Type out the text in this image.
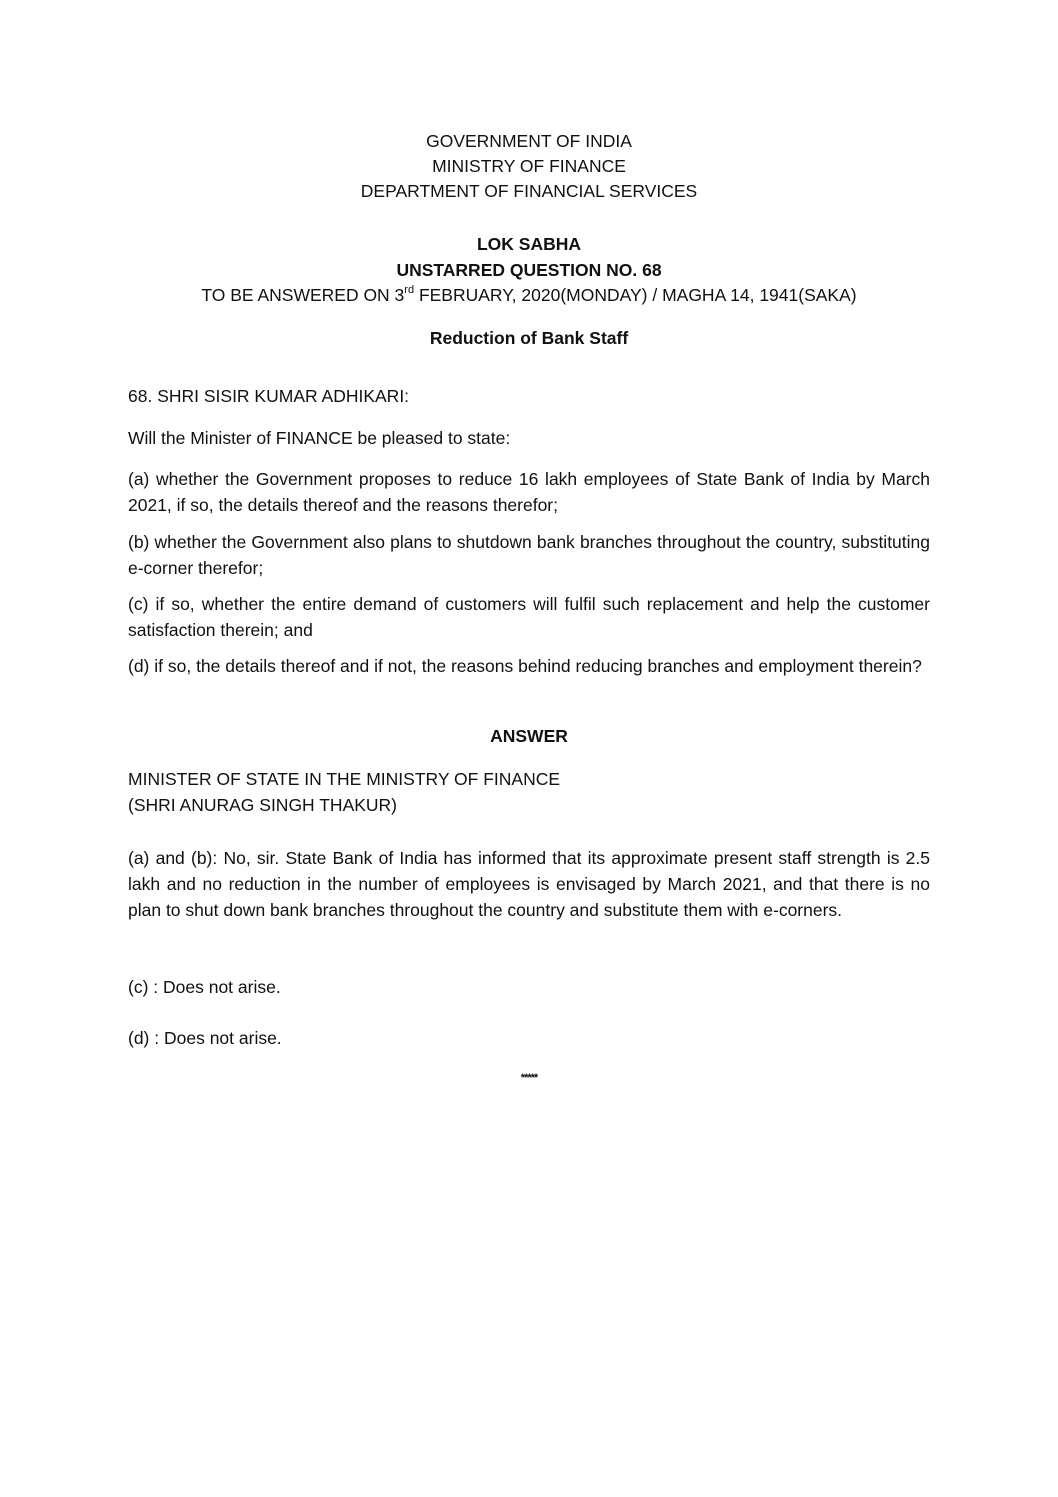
GOVERNMENT OF INDIA
MINISTRY OF FINANCE
DEPARTMENT OF FINANCIAL SERVICES
LOK SABHA
UNSTARRED QUESTION NO. 68
TO BE ANSWERED ON 3rd FEBRUARY, 2020(MONDAY) / MAGHA 14, 1941(SAKA)
Reduction of Bank Staff
68. SHRI SISIR KUMAR ADHIKARI:
Will the Minister of FINANCE be pleased to state:
(a) whether the Government proposes to reduce 16 lakh employees of State Bank of India by March 2021, if so, the details thereof and the reasons therefor;
(b) whether the Government also plans to shutdown bank branches throughout the country, substituting e-corner therefor;
(c) if so, whether the entire demand of customers will fulfil such replacement and help the customer satisfaction therein; and
(d) if so, the details thereof and if not, the reasons behind reducing branches and employment therein?
ANSWER
MINISTER OF STATE IN THE MINISTRY OF FINANCE
(SHRI ANURAG SINGH THAKUR)
(a) and (b): No, sir. State Bank of India has informed that its approximate present staff strength is 2.5 lakh and no reduction in the number of employees is envisaged by March 2021, and that there is no plan to shut down bank branches throughout the country and substitute them with e-corners.
(c) : Does not arise.
(d) : Does not arise.
*****
